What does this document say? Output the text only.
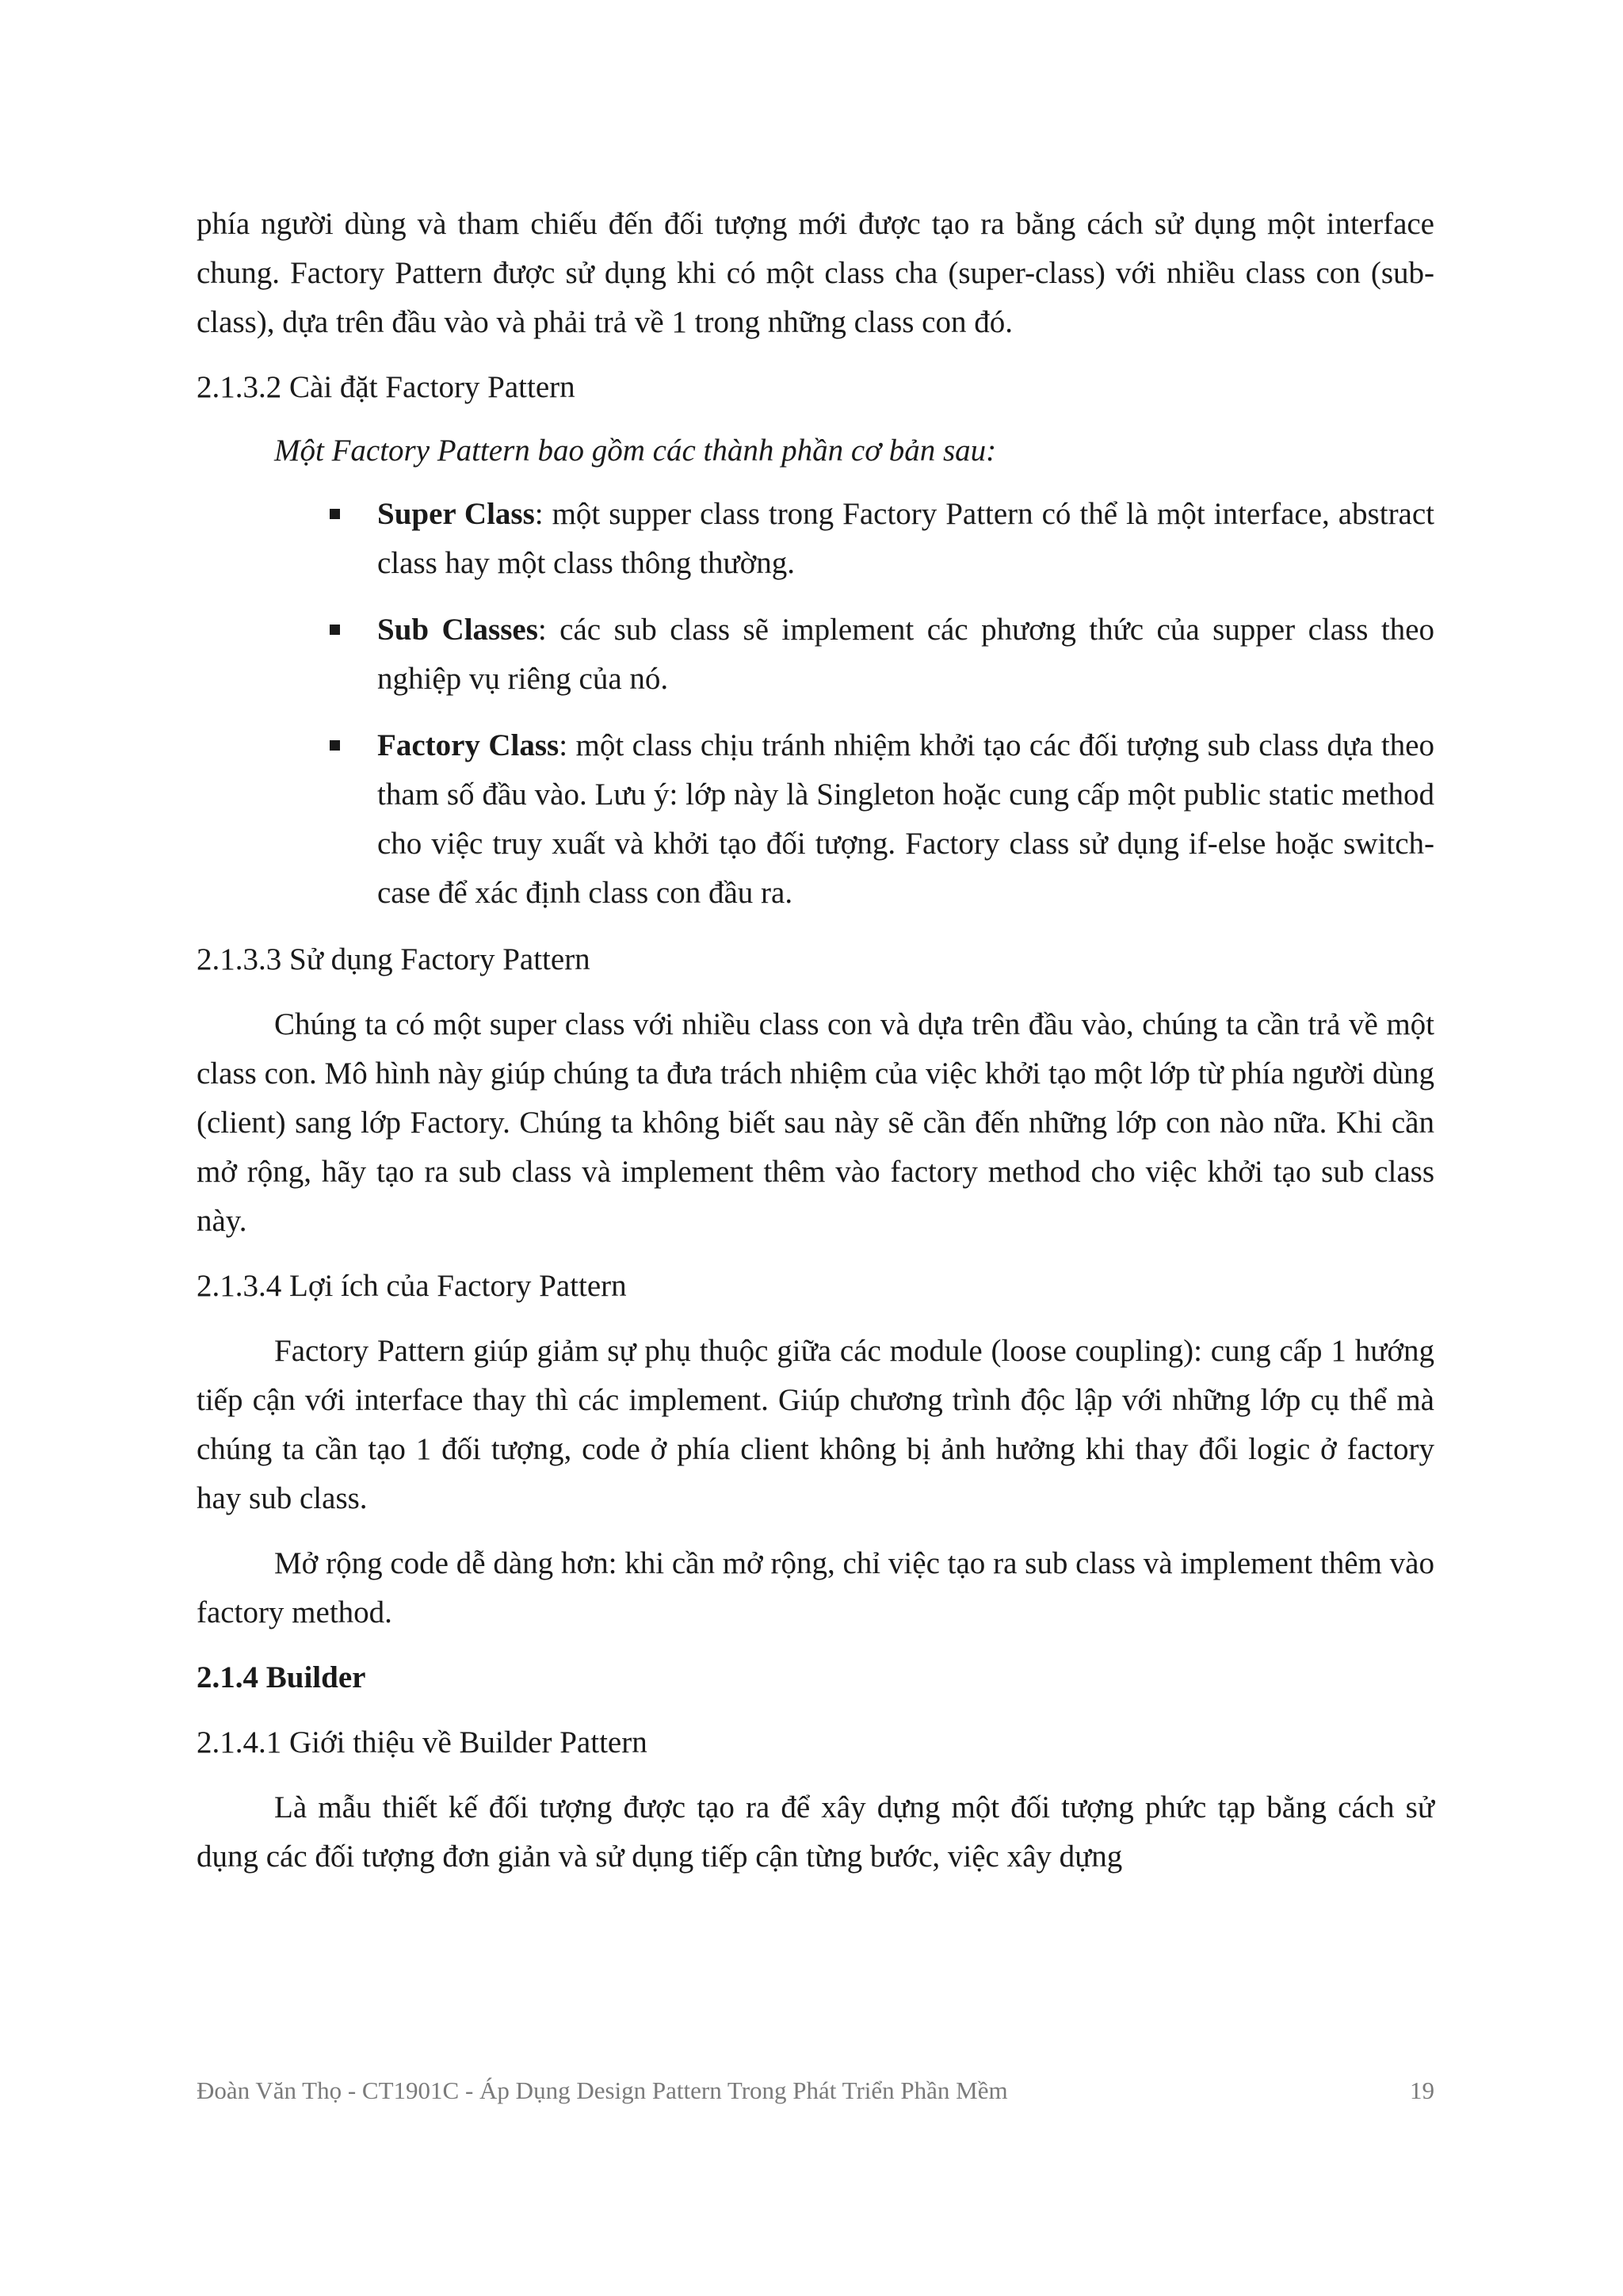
phía người dùng và tham chiếu đến đối tượng mới được tạo ra bằng cách sử dụng một interface chung. Factory Pattern được sử dụng khi có một class cha (super-class) với nhiều class con (sub-class), dựa trên đầu vào và phải trả về 1 trong những class con đó.

2.1.3.2 Cài đặt Factory Pattern

Một Factory Pattern bao gồm các thành phần cơ bản sau:

Super Class: một supper class trong Factory Pattern có thể là một interface, abstract class hay một class thông thường.
Sub Classes: các sub class sẽ implement các phương thức của supper class theo nghiệp vụ riêng của nó.
Factory Class: một class chịu tránh nhiệm khởi tạo các đối tượng sub class dựa theo tham số đầu vào. Lưu ý: lớp này là Singleton hoặc cung cấp một public static method cho việc truy xuất và khởi tạo đối tượng. Factory class sử dụng if-else hoặc switch-case để xác định class con đầu ra.

2.1.3.3 Sử dụng Factory Pattern

Chúng ta có một super class với nhiều class con và dựa trên đầu vào, chúng ta cần trả về một class con. Mô hình này giúp chúng ta đưa trách nhiệm của việc khởi tạo một lớp từ phía người dùng (client) sang lớp Factory. Chúng ta không biết sau này sẽ cần đến những lớp con nào nữa. Khi cần mở rộng, hãy tạo ra sub class và implement thêm vào factory method cho việc khởi tạo sub class này.

2.1.3.4 Lợi ích của Factory Pattern

Factory Pattern giúp giảm sự phụ thuộc giữa các module (loose coupling): cung cấp 1 hướng tiếp cận với interface thay thì các implement. Giúp chương trình độc lập với những lớp cụ thể mà chúng ta cần tạo 1 đối tượng, code ở phía client không bị ảnh hưởng khi thay đổi logic ở factory hay sub class.

Mở rộng code dễ dàng hơn: khi cần mở rộng, chỉ việc tạo ra sub class và implement thêm vào factory method.

2.1.4 Builder

2.1.4.1 Giới thiệu về Builder Pattern

Là mẫu thiết kế đối tượng được tạo ra để xây dựng một đối tượng phức tạp bằng cách sử dụng các đối tượng đơn giản và sử dụng tiếp cận từng bước, việc xây dựng

Đoàn Văn Thọ - CT1901C - Áp Dụng Design Pattern Trong Phát Triển Phần Mềm	19
